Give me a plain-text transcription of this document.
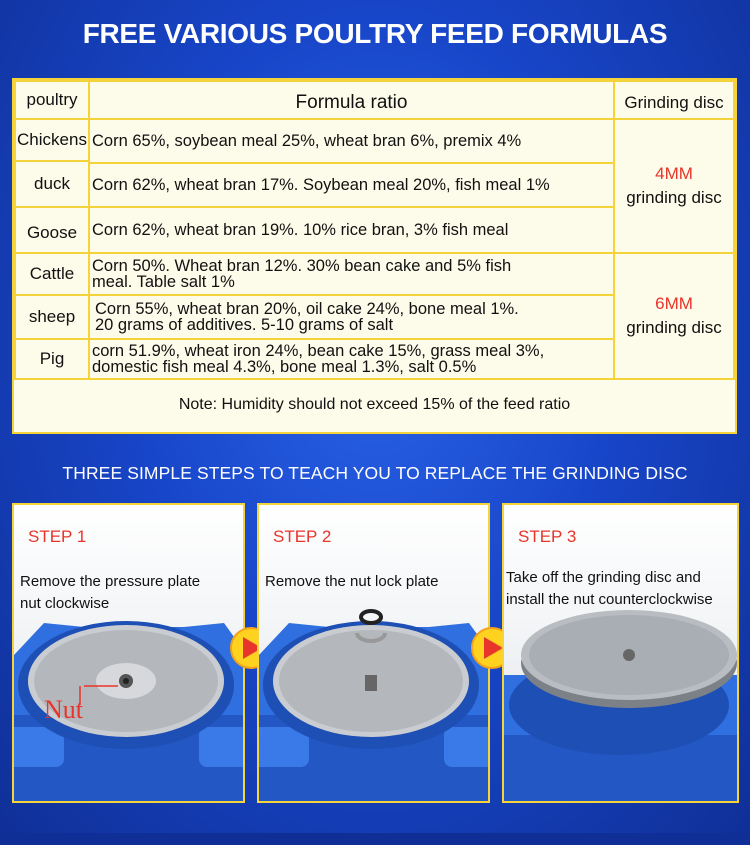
FREE VARIOUS POULTRY FEED FORMULAS
poultry	Formula ratio	Grinding disc
Chickens Corn 65%, soybean meal 25%, wheat bran 6%, premix 4%
duck Corn 62%, wheat bran 17%. Soybean meal 20%, fish meal 1%
Goose Corn 62%, wheat bran 19%. 10% rice bran, 3% fish meal
4MM
grinding disc
Cattle Corn 50%. Wheat bran 12%. 30% bean cake and 5% fish
meal. Table salt 1%
sheep Corn 55%, wheat bran 20%, oil cake 24%, bone meal 1%.
20 grams of additives. 5-10 grams of salt
Pig corn 51.9%, wheat iron 24%, bean cake 15%, grass meal 3%,
domestic fish meal 4.3%, bone meal 1.3%, salt 0.5%
6MM
grinding disc
Note: Humidity should not exceed 15% of the feed ratio
THREE SIMPLE STEPS TO TEACH YOU TO REPLACE THE GRINDING DISC
STEP 1
Remove the pressure plate
nut clockwise
Nut
STEP 2
Remove the nut lock plate
STEP 3
Take off the grinding disc and
install the nut counterclockwise
